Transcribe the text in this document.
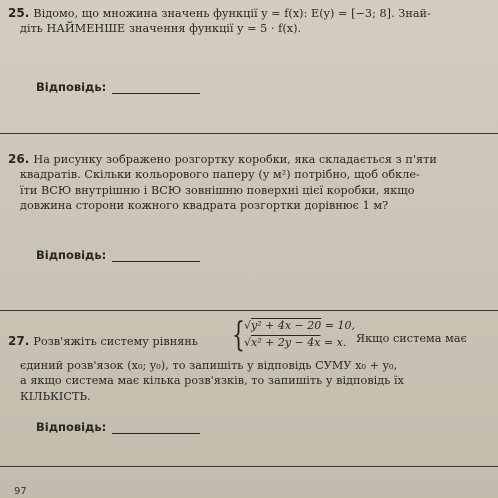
25. Відомо, що множина значень функції y = f(x): E(y) = [−3; 8]. Знай-
діть НАЙМЕНШЕ значення функції y = 5 · f(x).
Відповідь:
26. На рисунку зображено розгортку коробки, яка складається з п'яти
квадратів. Скільки кольорового паперу (у м²) потрібно, щоб обкле-
їти ВСЮ внутрішню і ВСЮ зовнішню поверхні цієї коробки, якщо
довжина сторони кожного квадрата розгортки дорівнює 1 м?
Відповідь:
27. Розв'яжіть систему рівнянь	{ √y² + 4x − 20 = 10,
√x² + 2y − 4x = x. Якщо система має
єдиний розв'язок (x₀; y₀), то запишіть у відповідь СУМУ x₀ + y₀,
а якщо система має кілька розв'язків, то запишіть у відповідь їх
КІЛЬКІСТЬ.
Відповідь:
97
